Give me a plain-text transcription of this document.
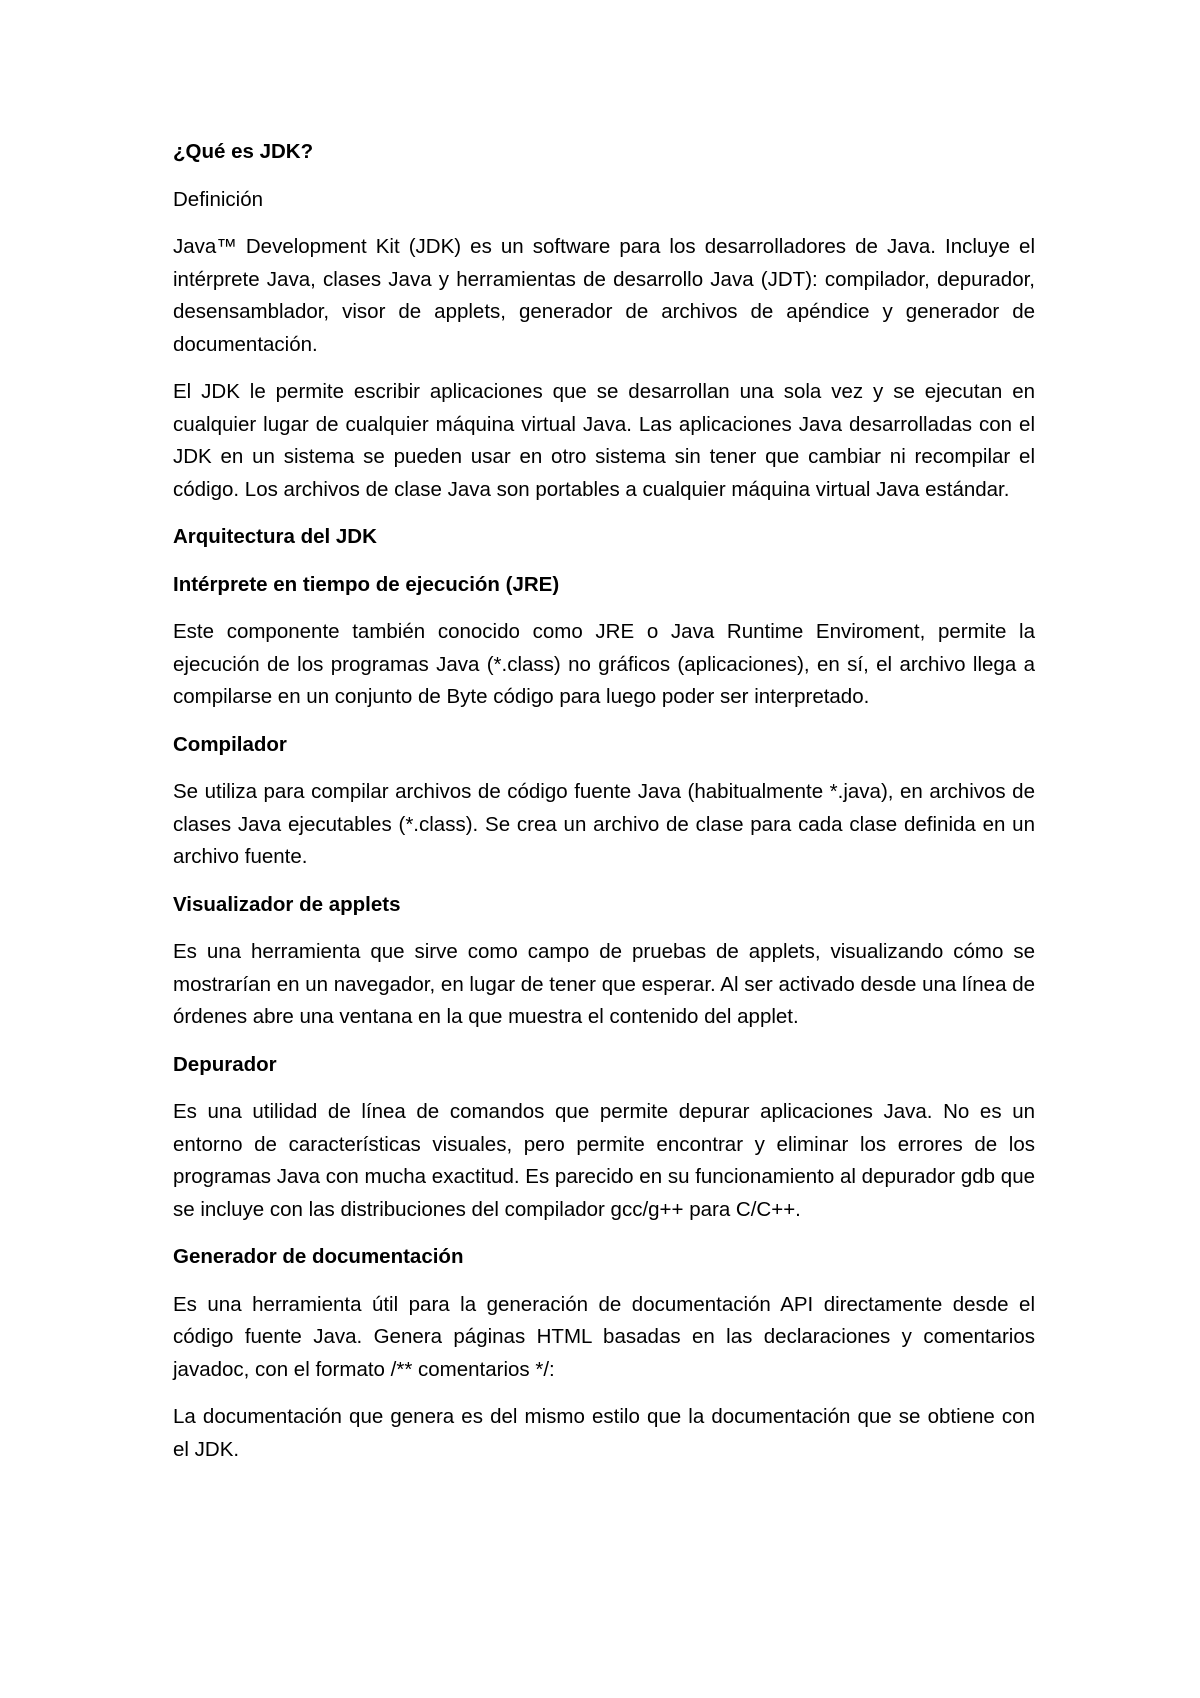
¿Qué es JDK?

Definición

Java™ Development Kit (JDK) es un software para los desarrolladores de Java. Incluye el intérprete Java, clases Java y herramientas de desarrollo Java (JDT): compilador, depurador, desensamblador, visor de applets, generador de archivos de apéndice y generador de documentación.

El JDK le permite escribir aplicaciones que se desarrollan una sola vez y se ejecutan en cualquier lugar de cualquier máquina virtual Java. Las aplicaciones Java desarrolladas con el JDK en un sistema se pueden usar en otro sistema sin tener que cambiar ni recompilar el código. Los archivos de clase Java son portables a cualquier máquina virtual Java estándar.

Arquitectura del JDK

Intérprete en tiempo de ejecución (JRE)

Este componente también conocido como JRE o Java Runtime Enviroment, permite la ejecución de los programas Java (*.class) no gráficos (aplicaciones), en sí, el archivo llega a compilarse en un conjunto de Byte código para luego poder ser interpretado.

Compilador

Se utiliza para compilar archivos de código fuente Java (habitualmente *.java), en archivos de clases Java ejecutables (*.class). Se crea un archivo de clase para cada clase definida en un archivo fuente.

Visualizador de applets

Es una herramienta que sirve como campo de pruebas de applets, visualizando cómo se mostrarían en un navegador, en lugar de tener que esperar. Al ser activado desde una línea de órdenes abre una ventana en la que muestra el contenido del applet.

Depurador

Es una utilidad de línea de comandos que permite depurar aplicaciones Java. No es un entorno de características visuales, pero permite encontrar y eliminar los errores de los programas Java con mucha exactitud. Es parecido en su funcionamiento al depurador gdb que se incluye con las distribuciones del compilador gcc/g++ para C/C++.

Generador de documentación

Es una herramienta útil para la generación de documentación API directamente desde el código fuente Java. Genera páginas HTML basadas en las declaraciones y comentarios javadoc, con el formato /** comentarios */:

La documentación que genera es del mismo estilo que la documentación que se obtiene con el JDK.
